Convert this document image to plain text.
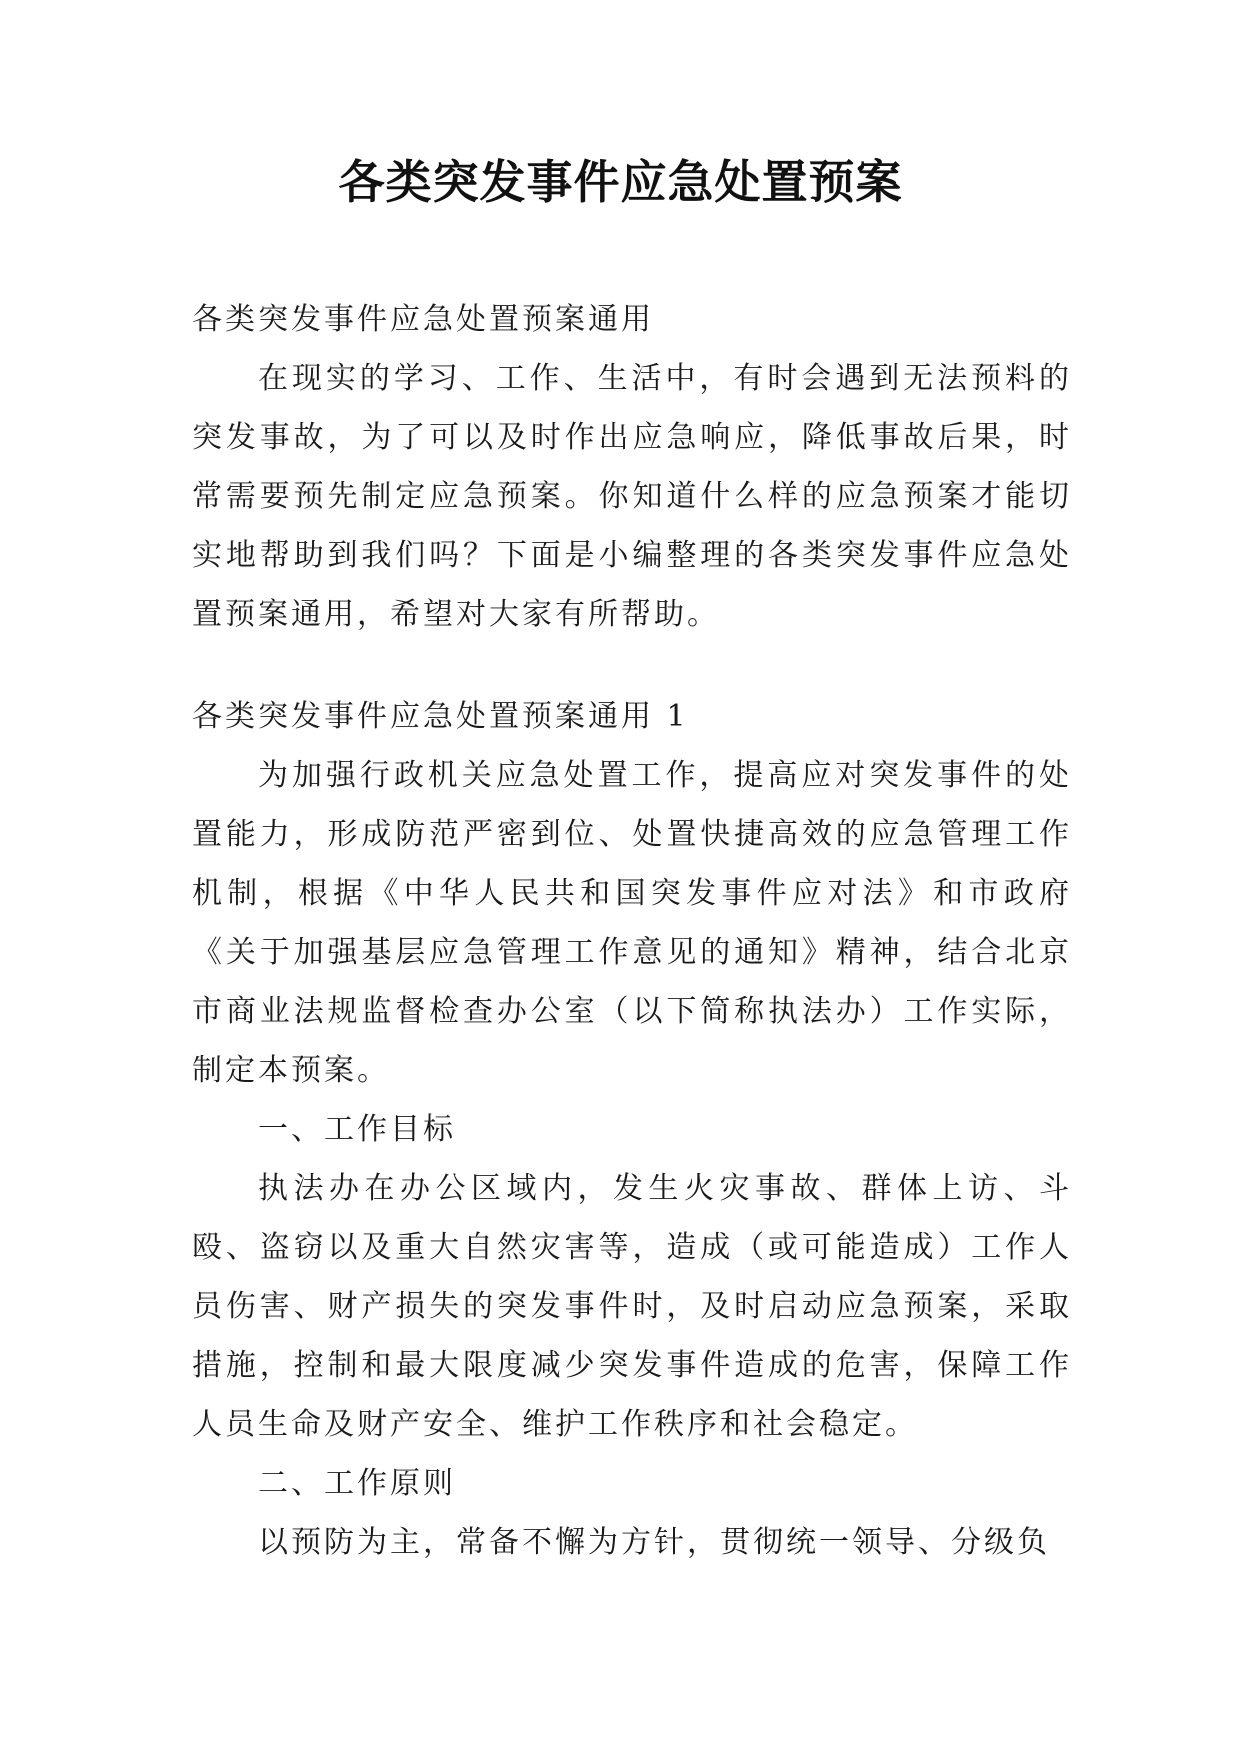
各类突发事件应急处置预案

各类突发事件应急处置预案通用

在现实的学习、工作、生活中，有时会遇到无法预料的突发事故，为了可以及时作出应急响应，降低事故后果，时常需要预先制定应急预案。你知道什么样的应急预案才能切实地帮助到我们吗？下面是小编整理的各类突发事件应急处置预案通用，希望对大家有所帮助。

各类突发事件应急处置预案通用 1

为加强行政机关应急处置工作，提高应对突发事件的处置能力，形成防范严密到位、处置快捷高效的应急管理工作机制，根据《中华人民共和国突发事件应对法》和市政府《关于加强基层应急管理工作意见的通知》精神，结合北京市商业法规监督检查办公室（以下简称执法办）工作实际，制定本预案。

一、工作目标

执法办在办公区域内，发生火灾事故、群体上访、斗殴、盗窃以及重大自然灾害等，造成（或可能造成）工作人员伤害、财产损失的突发事件时，及时启动应急预案，采取措施，控制和最大限度减少突发事件造成的危害，保障工作人员生命及财产安全、维护工作秩序和社会稳定。

二、工作原则

以预防为主，常备不懈为方针，贯彻统一领导、分级负
